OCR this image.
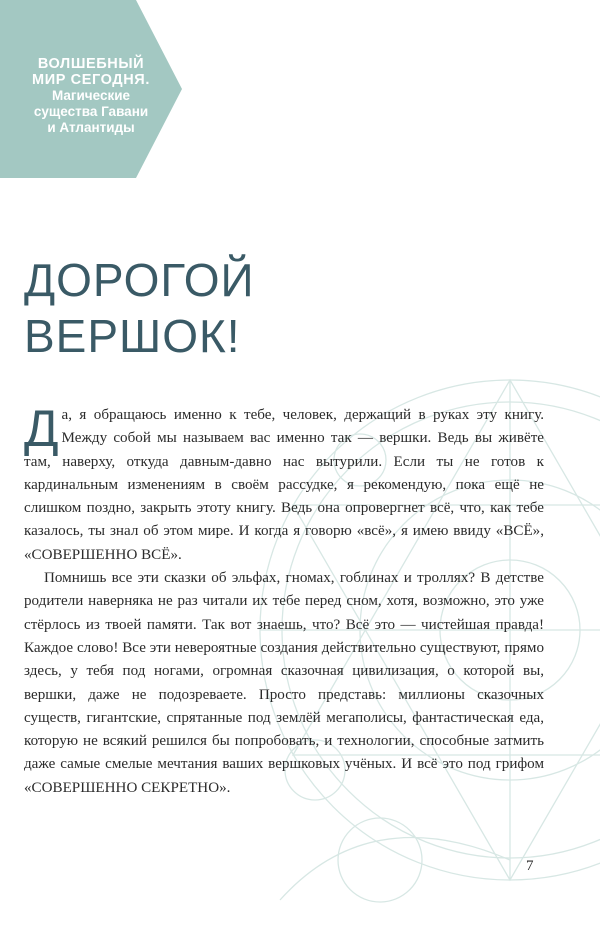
ВОЛШЕБНЫЙ
МИР СЕГОДНЯ.
Магические
существа Гавани
и Атлантиды
ДОРОГОЙ
ВЕРШОК!

Да, я обращаюсь именно к тебе, человек, держащий в руках эту книгу. Между собой мы называем вас именно так — вершки. Ведь вы живёте там, наверху, откуда давным-давно нас вытурили. Если ты не готов к кардинальным изменениям в своём рассудке, я рекомендую, пока ещё не слишком поздно, закрыть этоту книгу. Ведь она опровергнет всё, что, как тебе казалось, ты знал об этом мире. И когда я говорю «всё», я имею ввиду «ВСЁ», «СОВЕРШЕННО ВСЁ».

Помнишь все эти сказки об эльфах, гномах, гоблинах и троллях? В детстве родители наверняка не раз читали их тебе перед сном, хотя, возможно, это уже стёрлось из твоей памяти. Так вот знаешь, что? Всё это — чистейшая правда! Каждое слово! Все эти невероятные создания действительно существуют, прямо здесь, у тебя под ногами, огромная сказочная цивилизация, о которой вы, вершки, даже не подозреваете. Просто представь: миллионы сказочных существ, гигантские, спрятанные под землёй мегаполисы, фантастическая еда, которую не всякий решился бы попробовать, и технологии, способные затмить даже самые смелые мечтания ваших вершковых учёных. И всё это под грифом «СОВЕРШЕННО СЕКРЕТНО».

7
